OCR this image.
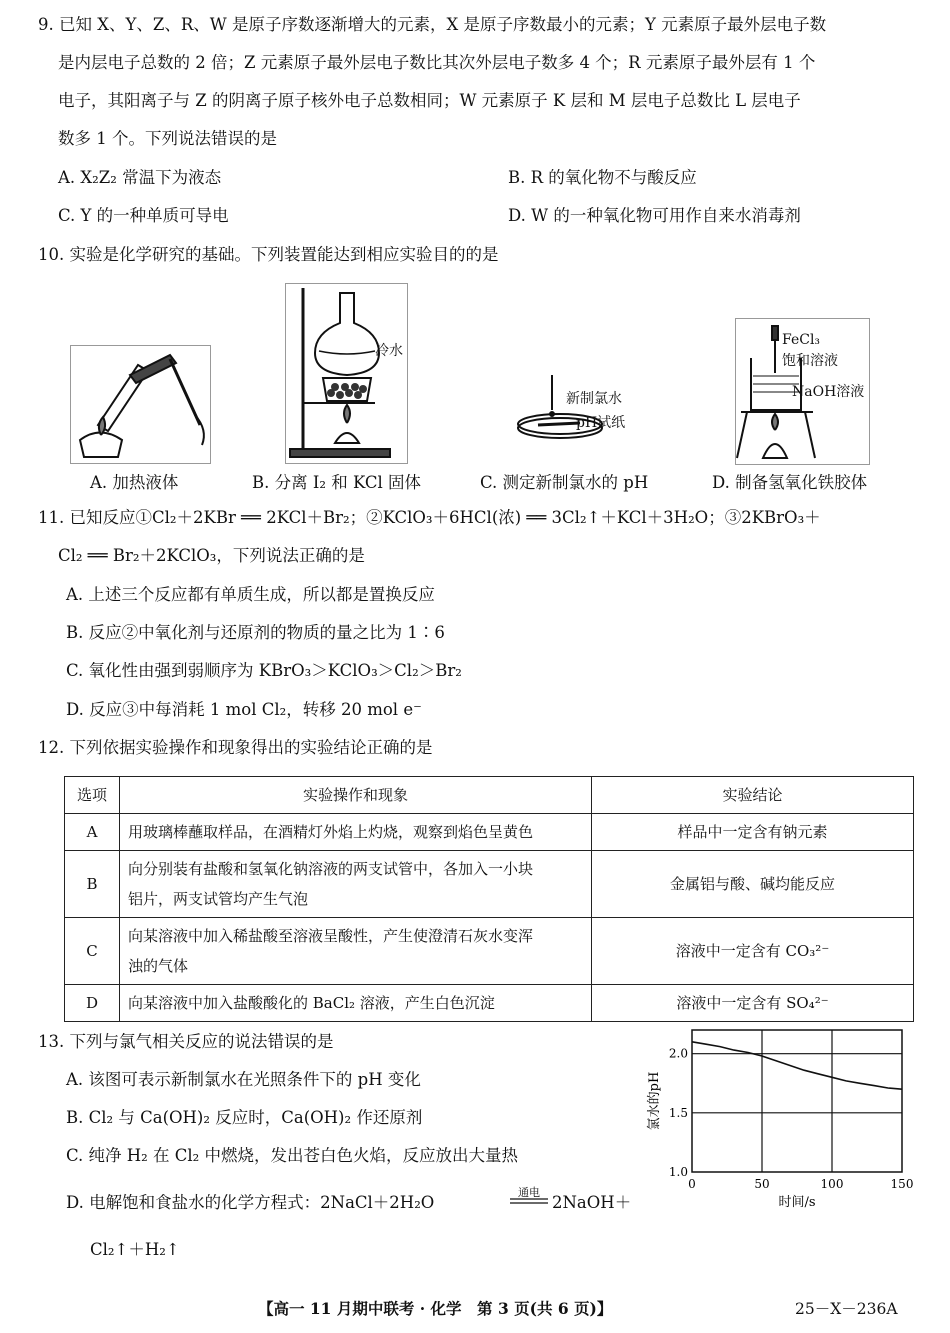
9. 已知 X、Y、Z、R、W 是原子序数逐渐增大的元素，X 是原子序数最小的元素；Y 元素原子最外层电子数
是内层电子总数的 2 倍；Z 元素原子最外层电子数比其次外层电子数多 4 个；R 元素原子最外层有 1 个
电子，其阳离子与 Z 的阴离子原子核外电子总数相同；W 元素原子 K 层和 M 层电子总数比 L 层电子
数多 1 个。下列说法错误的是
A. X₂Z₂ 常温下为液态	B. R 的氧化物不与酸反应
C. Y 的一种单质可导电	D. W 的一种氧化物可用作自来水消毒剂
10. 实验是化学研究的基础。下列装置能达到相应实验目的的是
冷水
新制氯水
pH试纸
FeCl₃
饱和溶液
NaOH溶液
A. 加热液体	B. 分离 I₂ 和 KCl 固体	C. 测定新制氯水的 pH	D. 制备氢氧化铁胶体
11. 已知反应①Cl₂＋2KBr ══ 2KCl＋Br₂；②KClO₃＋6HCl(浓) ══ 3Cl₂↑＋KCl＋3H₂O；③2KBrO₃＋
Cl₂ ══ Br₂＋2KClO₃，下列说法正确的是
A. 上述三个反应都有单质生成，所以都是置换反应
B. 反应②中氧化剂与还原剂的物质的量之比为 1∶6
C. 氧化性由强到弱顺序为 KBrO₃＞KClO₃＞Cl₂＞Br₂
D. 反应③中每消耗 1 mol Cl₂，转移 20 mol e⁻
12. 下列依据实验操作和现象得出的实验结论正确的是
选项	实验操作和现象	实验结论
A	用玻璃棒蘸取样品，在酒精灯外焰上灼烧，观察到焰色呈黄色	样品中一定含有钠元素
B	向分别装有盐酸和氢氧化钠溶液的两支试管中，各加入一小块
铝片，两支试管均产生气泡	金属铝与酸、碱均能反应
C	向某溶液中加入稀盐酸至溶液呈酸性，产生使澄清石灰水变浑
浊的气体	溶液中一定含有 CO₃²⁻
D	向某溶液中加入盐酸酸化的 BaCl₂ 溶液，产生白色沉淀	溶液中一定含有 SO₄²⁻
13. 下列与氯气相关反应的说法错误的是
A. 该图可表示新制氯水在光照条件下的 pH 变化
B. Cl₂ 与 Ca(OH)₂ 反应时，Ca(OH)₂ 作还原剂
C. 纯净 H₂ 在 Cl₂ 中燃烧，发出苍白色火焰，反应放出大量热
D. 电解饱和食盐水的化学方程式：2NaCl＋2H₂O
通电
2NaOH＋
Cl₂↑＋H₂↑
0	50	100	150
1.0
1.5
2.0
时间/s
氯水的pH
【高一 11 月期中联考 · 化学　第 3 页(共 6 页)】	25－X－236A
